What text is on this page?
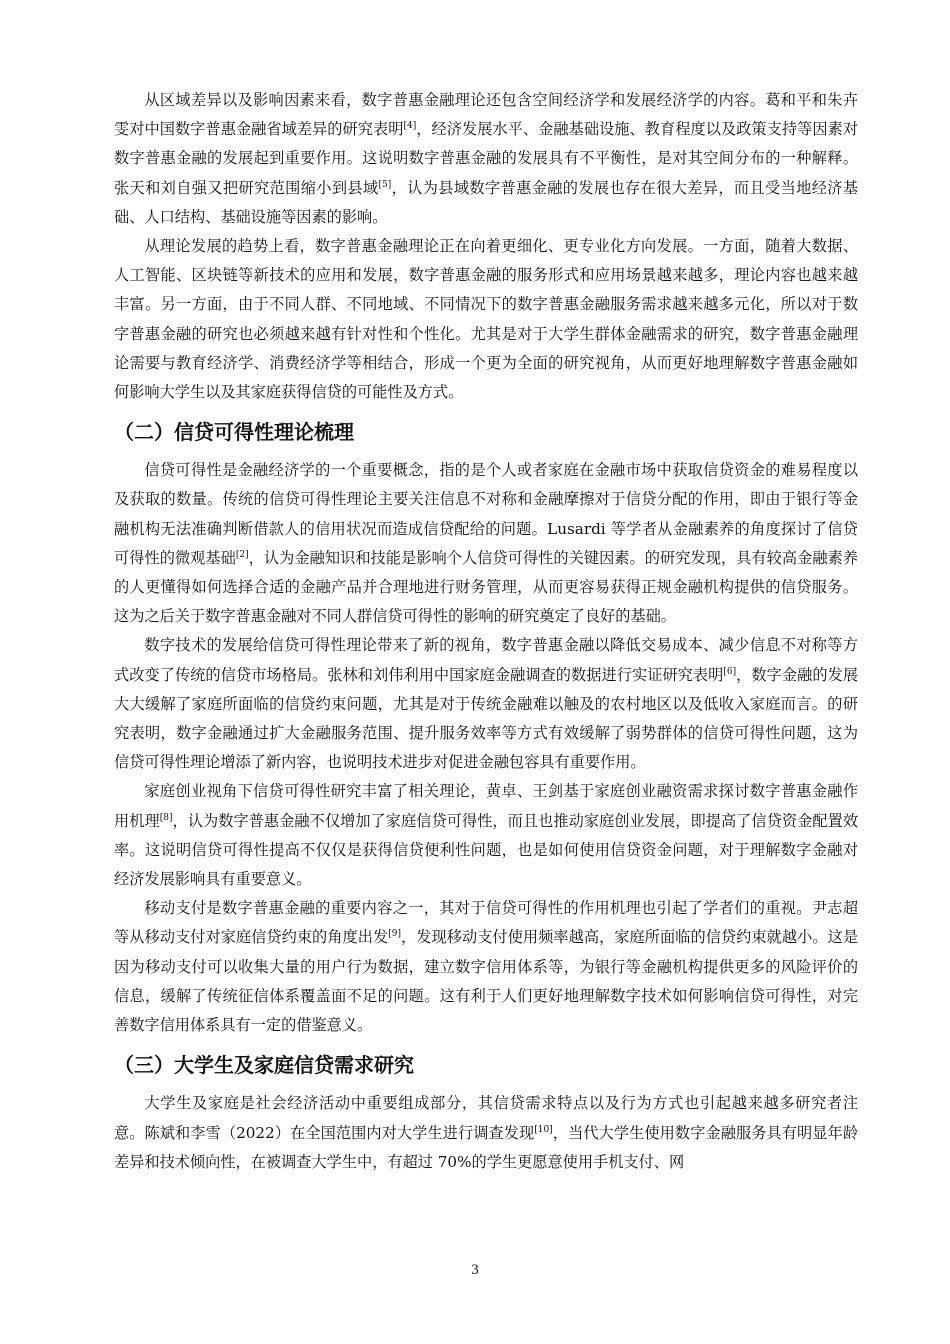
从区域差异以及影响因素来看，数字普惠金融理论还包含空间经济学和发展经济学的内容。葛和平和朱卉雯对中国数字普惠金融省域差异的研究表明[4]，经济发展水平、金融基础设施、教育程度以及政策支持等因素对数字普惠金融的发展起到重要作用。这说明数字普惠金融的发展具有不平衡性，是对其空间分布的一种解释。张天和刘自强又把研究范围缩小到县域[5]，认为县域数字普惠金融的发展也存在很大差异，而且受当地经济基础、人口结构、基础设施等因素的影响。

从理论发展的趋势上看，数字普惠金融理论正在向着更细化、更专业化方向发展。一方面，随着大数据、人工智能、区块链等新技术的应用和发展，数字普惠金融的服务形式和应用场景越来越多，理论内容也越来越丰富。另一方面，由于不同人群、不同地域、不同情况下的数字普惠金融服务需求越来越多元化，所以对于数字普惠金融的研究也必须越来越有针对性和个性化。尤其是对于大学生群体金融需求的研究，数字普惠金融理论需要与教育经济学、消费经济学等相结合，形成一个更为全面的研究视角，从而更好地理解数字普惠金融如何影响大学生以及其家庭获得信贷的可能性及方式。

（二）信贷可得性理论梳理

信贷可得性是金融经济学的一个重要概念，指的是个人或者家庭在金融市场中获取信贷资金的难易程度以及获取的数量。传统的信贷可得性理论主要关注信息不对称和金融摩擦对于信贷分配的作用，即由于银行等金融机构无法准确判断借款人的信用状况而造成信贷配给的问题。Lusardi 等学者从金融素养的角度探讨了信贷可得性的微观基础[2]，认为金融知识和技能是影响个人信贷可得性的关键因素。的研究发现，具有较高金融素养的人更懂得如何选择合适的金融产品并合理地进行财务管理，从而更容易获得正规金融机构提供的信贷服务。这为之后关于数字普惠金融对不同人群信贷可得性的影响的研究奠定了良好的基础。

数字技术的发展给信贷可得性理论带来了新的视角，数字普惠金融以降低交易成本、减少信息不对称等方式改变了传统的信贷市场格局。张林和刘伟利用中国家庭金融调查的数据进行实证研究表明[6]，数字金融的发展大大缓解了家庭所面临的信贷约束问题，尤其是对于传统金融难以触及的农村地区以及低收入家庭而言。的研究表明，数字金融通过扩大金融服务范围、提升服务效率等方式有效缓解了弱势群体的信贷可得性问题，这为信贷可得性理论增添了新内容，也说明技术进步对促进金融包容具有重要作用。

家庭创业视角下信贷可得性研究丰富了相关理论，黄卓、王剑基于家庭创业融资需求探讨数字普惠金融作用机理[8]，认为数字普惠金融不仅增加了家庭信贷可得性，而且也推动家庭创业发展，即提高了信贷资金配置效率。这说明信贷可得性提高不仅仅是获得信贷便利性问题，也是如何使用信贷资金问题，对于理解数字金融对经济发展影响具有重要意义。

移动支付是数字普惠金融的重要内容之一，其对于信贷可得性的作用机理也引起了学者们的重视。尹志超等从移动支付对家庭信贷约束的角度出发[9]，发现移动支付使用频率越高，家庭所面临的信贷约束就越小。这是因为移动支付可以收集大量的用户行为数据，建立数字信用体系等，为银行等金融机构提供更多的风险评价的信息，缓解了传统征信体系覆盖面不足的问题。这有利于人们更好地理解数字技术如何影响信贷可得性，对完善数字信用体系具有一定的借鉴意义。

（三）大学生及家庭信贷需求研究

大学生及家庭是社会经济活动中重要组成部分，其信贷需求特点以及行为方式也引起越来越多研究者注意。陈斌和李雪（2022）在全国范围内对大学生进行调查发现[10]，当代大学生使用数字金融服务具有明显年龄差异和技术倾向性，在被调查大学生中，有超过 70%的学生更愿意使用手机支付、网

3
